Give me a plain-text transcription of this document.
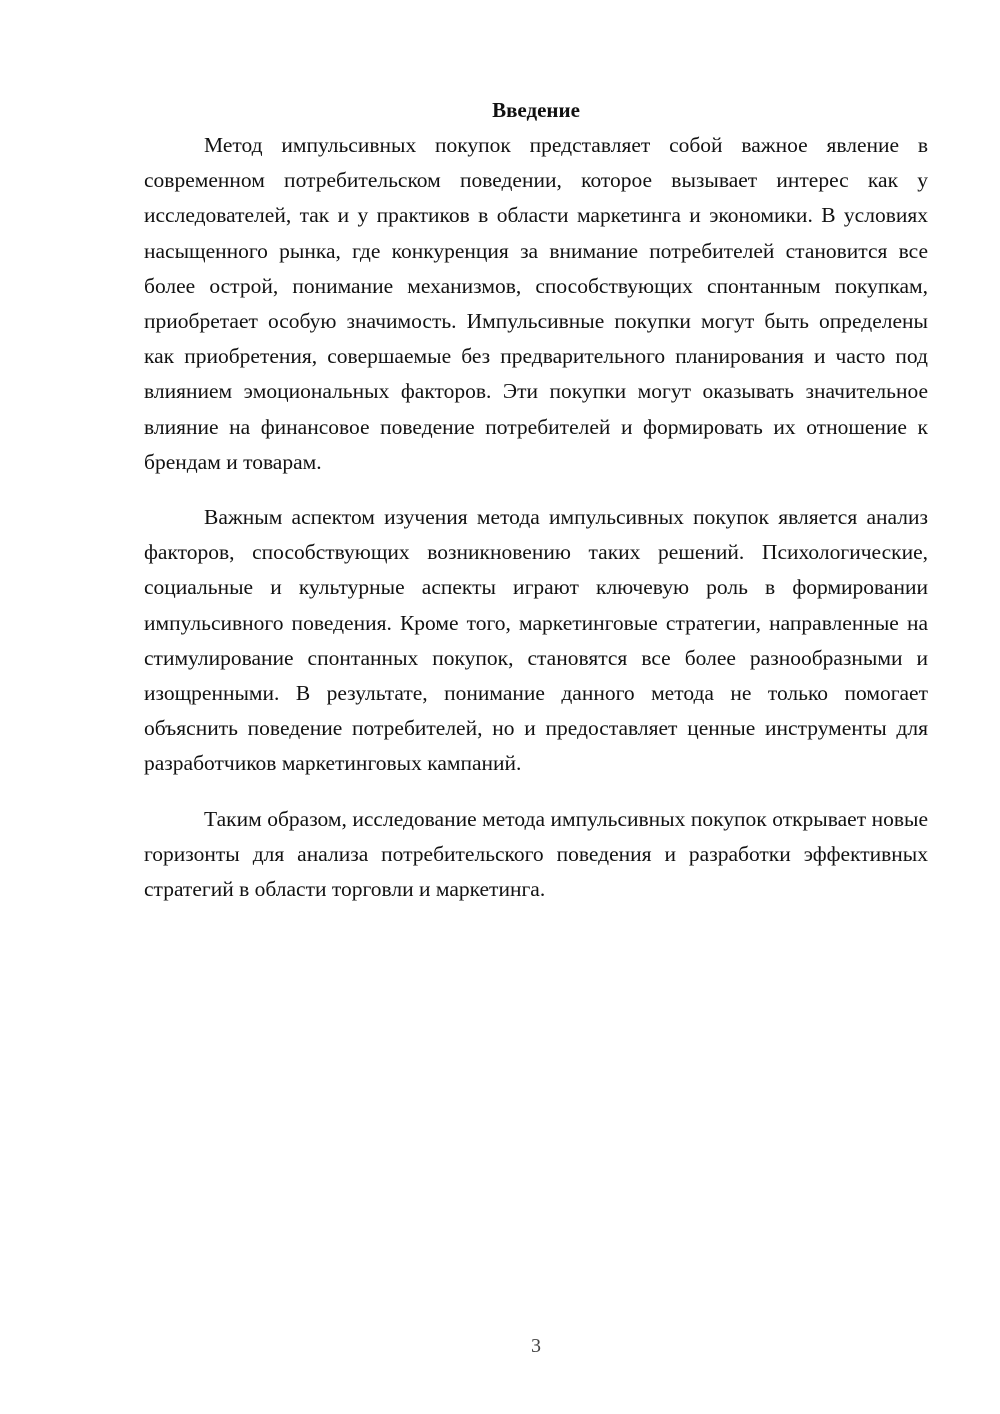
Введение

Метод импульсивных покупок представляет собой важное явление в современном потребительском поведении, которое вызывает интерес как у исследователей, так и у практиков в области маркетинга и экономики. В условиях насыщенного рынка, где конкуренция за внимание потребителей становится все более острой, понимание механизмов, способствующих спонтанным покупкам, приобретает особую значимость. Импульсивные покупки могут быть определены как приобретения, совершаемые без предварительного планирования и часто под влиянием эмоциональных факторов. Эти покупки могут оказывать значительное влияние на финансовое поведение потребителей и формировать их отношение к брендам и товарам.

Важным аспектом изучения метода импульсивных покупок является анализ факторов, способствующих возникновению таких решений. Психологические, социальные и культурные аспекты играют ключевую роль в формировании импульсивного поведения. Кроме того, маркетинговые стратегии, направленные на стимулирование спонтанных покупок, становятся все более разнообразными и изощренными. В результате, понимание данного метода не только помогает объяснить поведение потребителей, но и предоставляет ценные инструменты для разработчиков маркетинговых кампаний.

Таким образом, исследование метода импульсивных покупок открывает новые горизонты для анализа потребительского поведения и разработки эффективных стратегий в области торговли и маркетинга.

3
